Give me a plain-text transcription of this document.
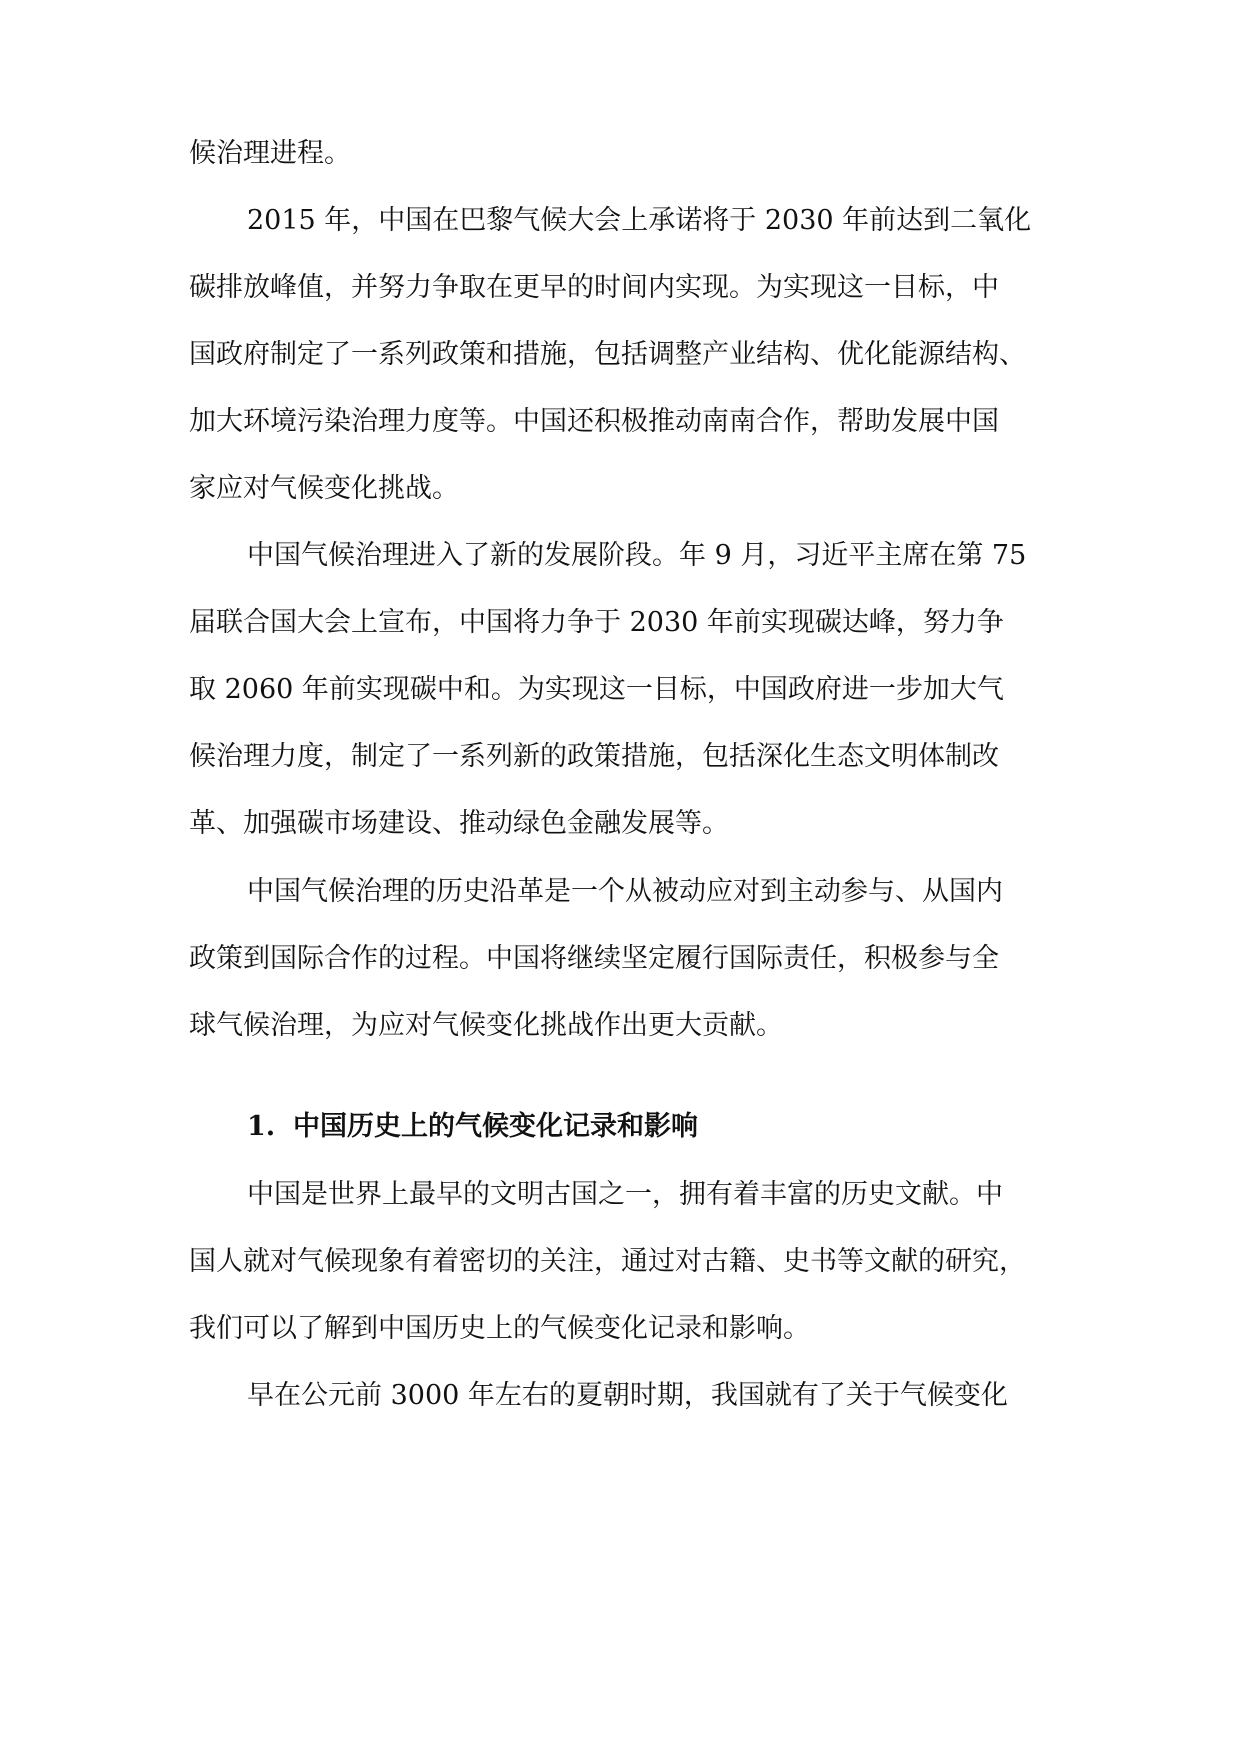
候治理进程。

2015 年，中国在巴黎气候大会上承诺将于 2030 年前达到二氧化

碳排放峰值，并努力争取在更早的时间内实现。为实现这一目标，中

国政府制定了一系列政策和措施，包括调整产业结构、优化能源结构、

加大环境污染治理力度等。中国还积极推动南南合作，帮助发展中国

家应对气候变化挑战。

中国气候治理进入了新的发展阶段。年 9 月，习近平主席在第 75

届联合国大会上宣布，中国将力争于 2030 年前实现碳达峰，努力争

取 2060 年前实现碳中和。为实现这一目标，中国政府进一步加大气

候治理力度，制定了一系列新的政策措施，包括深化生态文明体制改

革、加强碳市场建设、推动绿色金融发展等。

中国气候治理的历史沿革是一个从被动应对到主动参与、从国内

政策到国际合作的过程。中国将继续坚定履行国际责任，积极参与全

球气候治理，为应对气候变化挑战作出更大贡献。

1. 中国历史上的气候变化记录和影响

中国是世界上最早的文明古国之一，拥有着丰富的历史文献。中

国人就对气候现象有着密切的关注，通过对古籍、史书等文献的研究，

我们可以了解到中国历史上的气候变化记录和影响。

早在公元前 3000 年左右的夏朝时期，我国就有了关于气候变化
